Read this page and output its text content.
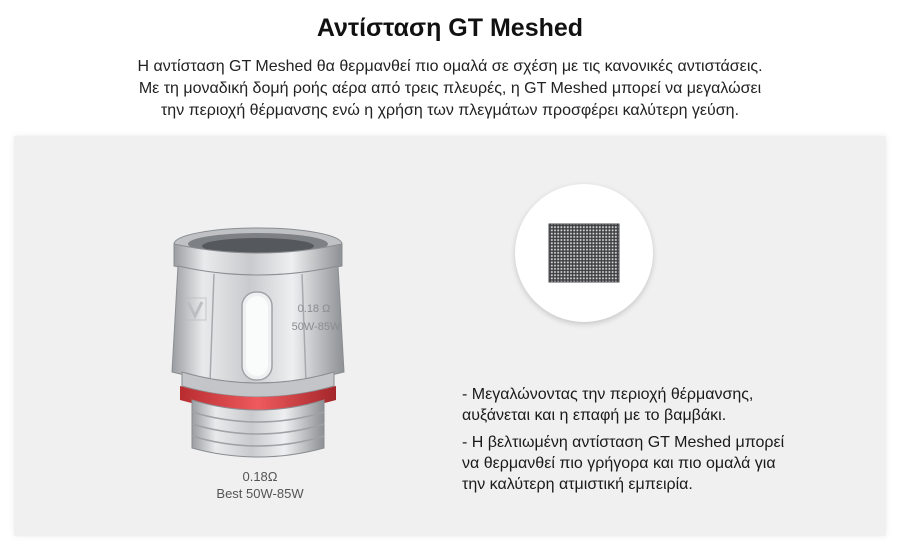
Αντίσταση GT Meshed
Η αντίσταση GT Meshed θα θερμανθεί πιο ομαλά σε σχέση με τις κανονικές αντιστάσεις.
Με τη μοναδική δομή ροής αέρα από τρεις πλευρές, η GT Meshed μπορεί να μεγαλώσει
την περιοχή θέρμανσης ενώ η χρήση των πλεγμάτων προσφέρει καλύτερη γεύση.
0.18 Ω
50W-85W
0.18Ω
Best 50W-85W
- Μεγαλώνοντας την περιοχή θέρμανσης,
αυξάνεται και η επαφή με το βαμβάκι.
- Η βελτιωμένη αντίσταση GT Meshed μπορεί
να θερμανθεί πιο γρήγορα και πιο ομαλά για
την καλύτερη ατμιστική εμπειρία.
